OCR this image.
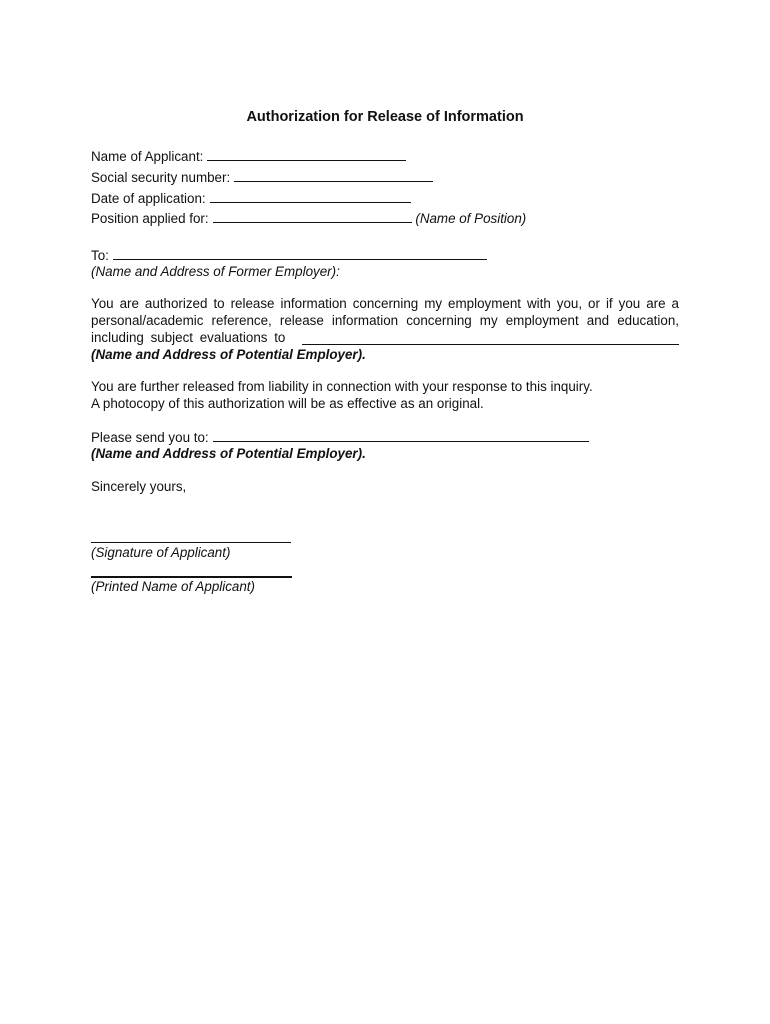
Authorization for Release of Information
Name of Applicant:
Social security number:
Date of application:
Position applied for:	(Name of Position)
To:
(Name and Address of Former Employer):
You are authorized to release information concerning my employment with you, or if you are a
personal/academic reference, release information concerning my employment and education,
including subject evaluations to
(Name and Address of Potential Employer).
You are further released from liability in connection with your response to this inquiry.
A photocopy of this authorization will be as effective as an original.
Please send you to:
(Name and Address of Potential Employer).
Sincerely yours,
(Signature of Applicant)
(Printed Name of Applicant)
